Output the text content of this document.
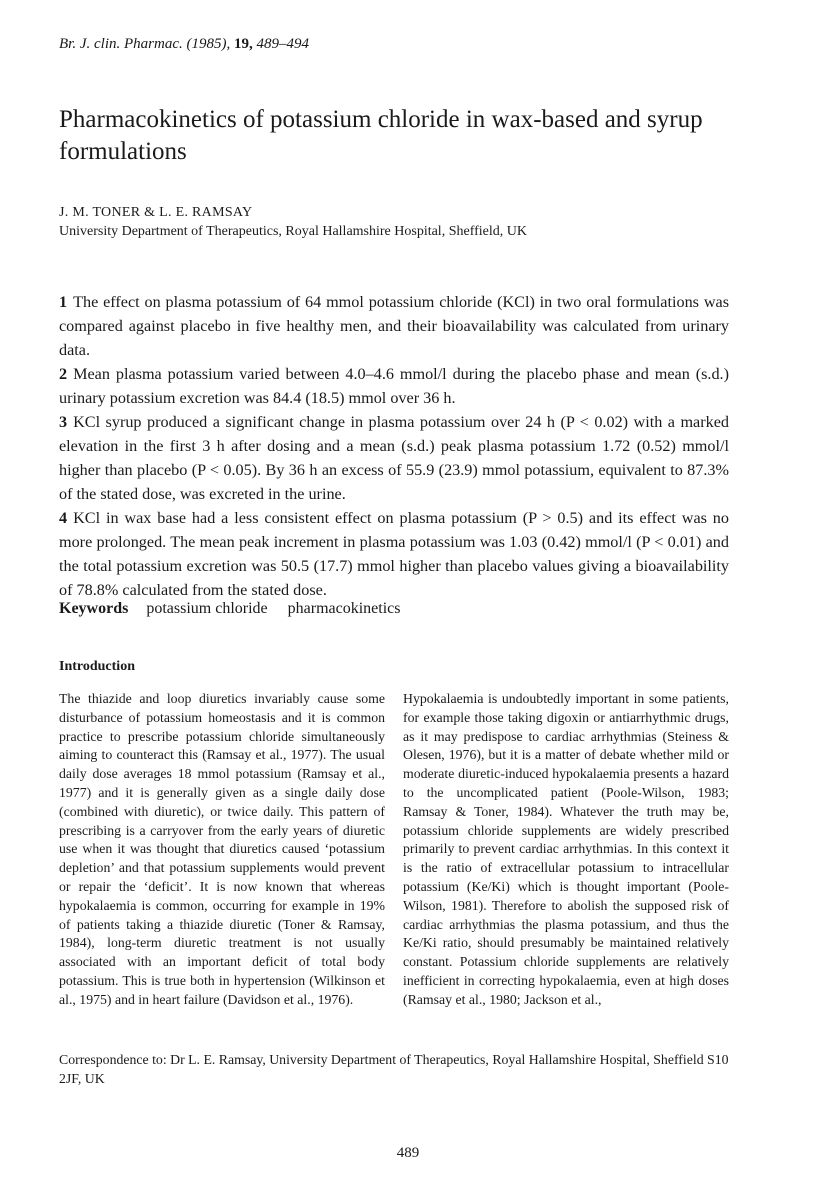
Br. J. clin. Pharmac. (1985), 19, 489–494
Pharmacokinetics of potassium chloride in wax-based and syrup formulations
J. M. TONER & L. E. RAMSAY
University Department of Therapeutics, Royal Hallamshire Hospital, Sheffield, UK

1 The effect on plasma potassium of 64 mmol potassium chloride (KCl) in two oral formulations was compared against placebo in five healthy men, and their bioavailability was calculated from urinary data.

2 Mean plasma potassium varied between 4.0–4.6 mmol/l during the placebo phase and mean (s.d.) urinary potassium excretion was 84.4 (18.5) mmol over 36 h.

3 KCl syrup produced a significant change in plasma potassium over 24 h (P < 0.02) with a marked elevation in the first 3 h after dosing and a mean (s.d.) peak plasma potassium 1.72 (0.52) mmol/l higher than placebo (P < 0.05). By 36 h an excess of 55.9 (23.9) mmol potassium, equivalent to 87.3% of the stated dose, was excreted in the urine.

4 KCl in wax base had a less consistent effect on plasma potassium (P > 0.5) and its effect was no more prolonged. The mean peak increment in plasma potassium was 1.03 (0.42) mmol/l (P < 0.01) and the total potassium excretion was 50.5 (17.7) mmol higher than placebo values giving a bioavailability of 78.8% calculated from the stated dose.

Keywords potassium chloride pharmacokinetics
Introduction

The thiazide and loop diuretics invariably cause some disturbance of potassium homeostasis and it is common practice to prescribe potassium chloride simultaneously aiming to counteract this (Ramsay et al., 1977). The usual daily dose averages 18 mmol potassium (Ramsay et al., 1977) and it is generally given as a single daily dose (combined with diuretic), or twice daily. This pattern of prescribing is a carryover from the early years of diuretic use when it was thought that diuretics caused ‘potassium depletion’ and that potassium supplements would prevent or repair the ‘deficit’. It is now known that whereas hypokalaemia is common, occurring for example in 19% of patients taking a thiazide diuretic (Toner & Ramsay, 1984), long-term diuretic treatment is not usually associated with an important deficit of total body potassium. This is true both in hypertension (Wilkinson et al., 1975) and in heart failure (Davidson et al., 1976).

Hypokalaemia is undoubtedly important in some patients, for example those taking digoxin or antiarrhythmic drugs, as it may predispose to cardiac arrhythmias (Steiness & Olesen, 1976), but it is a matter of debate whether mild or moderate diuretic-induced hypokalaemia presents a hazard to the uncomplicated patient (Poole-Wilson, 1983; Ramsay & Toner, 1984). Whatever the truth may be, potassium chloride supplements are widely prescribed primarily to prevent cardiac arrhythmias. In this context it is the ratio of extracellular potassium to intracellular potassium (Ke/Ki) which is thought important (Poole-Wilson, 1981). Therefore to abolish the supposed risk of cardiac arrhythmias the plasma potassium, and thus the Ke/Ki ratio, should presumably be maintained relatively constant. Potassium chloride supplements are relatively inefficient in correcting hypokalaemia, even at high doses (Ramsay et al., 1980; Jackson et al.,

Correspondence to: Dr L. E. Ramsay, University Department of Therapeutics, Royal Hallamshire Hospital, Sheffield S10 2JF, UK
489
